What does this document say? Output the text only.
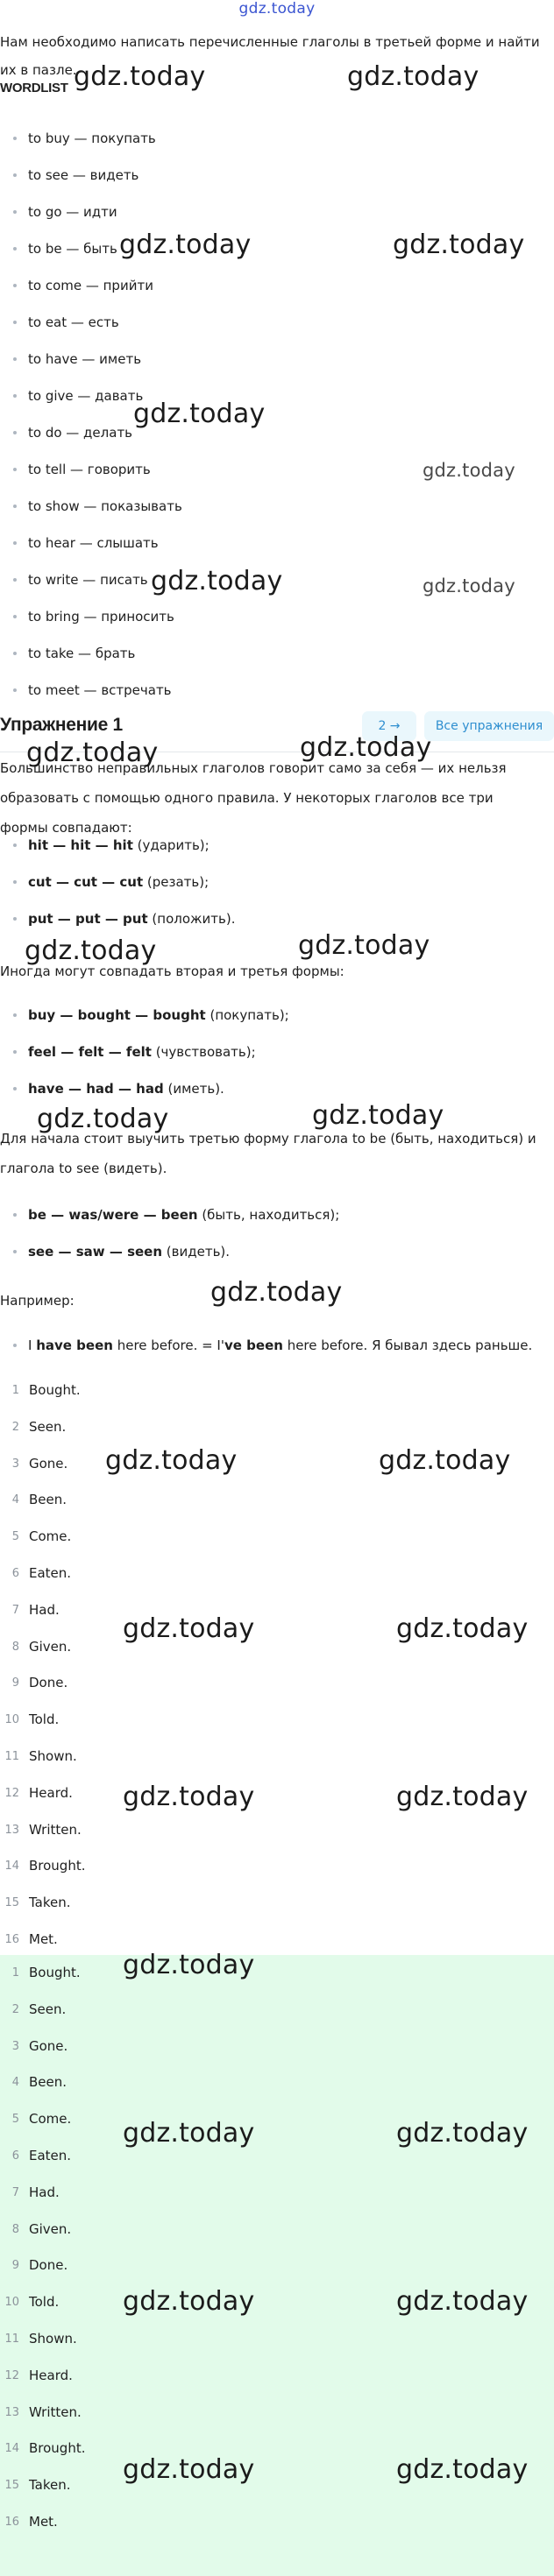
gdz.today
Нам необходимо написать перечисленные глаголы в третьей форме и найти их в пазле.
WORDLIST
to buy — покупать
to see — видеть
to go — идти
to be — быть
to come — прийти
to eat — есть
to have — иметь
to give — давать
to do — делать
to tell — говорить
to show — показывать
to hear — слышать
to write — писать
to bring — приносить
to take — брать
to meet — встречать
Упражнение 1	2 →	Все упражнения
Большинство неправильных глаголов говорит само за себя — их нельзя образовать с помощью одного правила. У некоторых глаголов все три формы совпадают:
hit — hit — hit (ударить);
cut — cut — cut (резать);
put — put — put (положить).
Иногда могут совпадать вторая и третья формы:
buy — bought — bought (покупать);
feel — felt — felt (чувствовать);
have — had — had (иметь).
Для начала стоит выучить третью форму глагола to be (быть, находиться) и глагола to see (видеть).
be — was/were — been (быть, находиться);
see — saw — seen (видеть).
Например:
I have been here before. = I've been here before. Я бывал здесь раньше.
1 Bought.
2 Seen.
3 Gone.
4 Been.
5 Come.
6 Eaten.
7 Had.
8 Given.
9 Done.
10 Told.
11 Shown.
12 Heard.
13 Written.
14 Brought.
15 Taken.
16 Met.
1 Bought.
2 Seen.
3 Gone.
4 Been.
5 Come.
6 Eaten.
7 Had.
8 Given.
9 Done.
10 Told.
11 Shown.
12 Heard.
13 Written.
14 Brought.
15 Taken.
16 Met.
gdz.today	gdz.today
gdz.today	gdz.today
gdz.today
gdz.today
gdz.today	gdz.today
gdz.today	gdz.today
gdz.today	gdz.today
gdz.today	gdz.today
gdz.today
gdz.today	gdz.today
gdz.today	gdz.today
gdz.today	gdz.today
gdz.today
gdz.today	gdz.today
gdz.today	gdz.today
gdz.today	gdz.today
